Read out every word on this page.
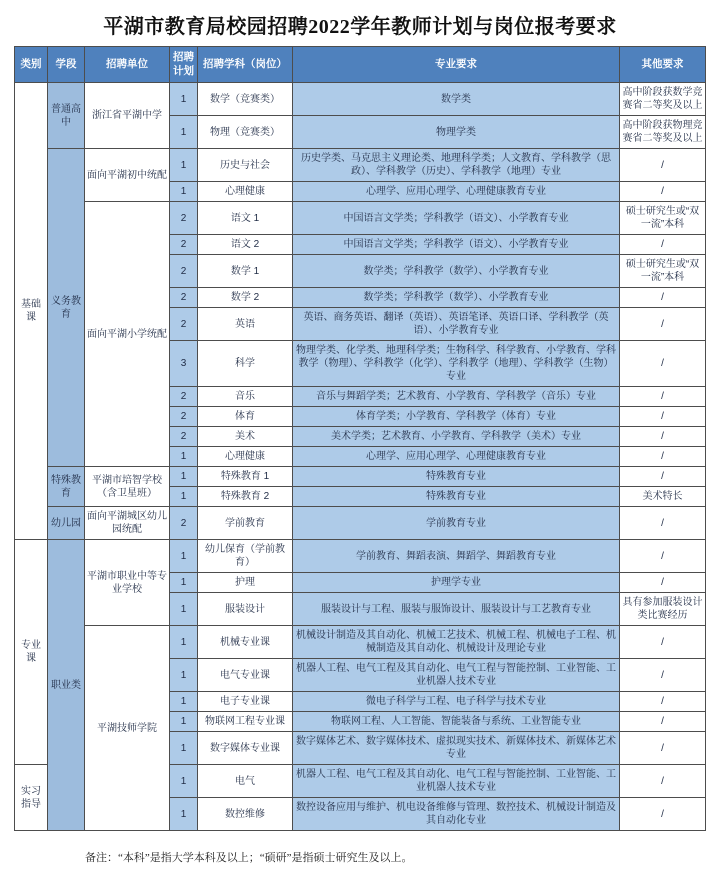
平湖市教育局校园招聘2022学年教师计划与岗位报考要求
类别	学段	招聘单位	招聘计划	招聘学科（岗位）	专业要求	其他要求
基础课	普通高中	浙江省平湖中学	1	数学（竞赛类）	数学类	高中阶段获数学竞赛省二等奖及以上
			1	物理（竞赛类）	物理学类	高中阶段获物理竞赛省二等奖及以上
	义务教育	面向平湖初中统配	1	历史与社会	历史学类、马克思主义理论类、地理科学类；人文教育、学科教学（思政）、学科教学（历史）、学科教学（地理）专业	/
			1	心理健康	心理学、应用心理学、心理健康教育专业	/
		面向平湖小学统配	2	语文 1	中国语言文学类；学科教学（语文）、小学教育专业	硕士研究生或“双一流”本科
			2	语文 2	中国语言文学类；学科教学（语文）、小学教育专业	/
			2	数学 1	数学类；学科教学（数学）、小学教育专业	硕士研究生或“双一流”本科
			2	数学 2	数学类；学科教学（数学）、小学教育专业	/
			2	英语	英语、商务英语、翻译（英语）、英语笔译、英语口译、学科教学（英语）、小学教育专业	/
			3	科学	物理学类、化学类、地理科学类；生物科学、科学教育、小学教育、学科教学（物理）、学科教学（化学）、学科教学（地理）、学科教学（生物）专业	/
			2	音乐	音乐与舞蹈学类；艺术教育、小学教育、学科教学（音乐）专业	/
			2	体育	体育学类；小学教育、学科教学（体育）专业	/
			2	美术	美术学类；艺术教育、小学教育、学科教学（美术）专业	/
			1	心理健康	心理学、应用心理学、心理健康教育专业	/
	特殊教育	平湖市培智学校（含卫星班）	1	特殊教育 1	特殊教育专业	/
			1	特殊教育 2	特殊教育专业	美术特长
	幼儿园	面向平湖城区幼儿园统配	2	学前教育	学前教育专业	/
专业课	职业类	平湖市职业中等专业学校	1	幼儿保育（学前教育）	学前教育、舞蹈表演、舞蹈学、舞蹈教育专业	/
			1	护理	护理学专业	/
			1	服装设计	服装设计与工程、服装与服饰设计、服装设计与工艺教育专业	具有参加服装设计类比赛经历
		平湖技师学院	1	机械专业课	机械设计制造及其自动化、机械工艺技术、机械工程、机械电子工程、机械制造及其自动化、机械设计及理论专业	/
			1	电气专业课	机器人工程、电气工程及其自动化、电气工程与智能控制、工业智能、工业机器人技术专业	/
			1	电子专业课	微电子科学与工程、电子科学与技术专业	/
			1	物联网工程专业课	物联网工程、人工智能、智能装备与系统、工业智能专业	/
			1	数字媒体专业课	数字媒体艺术、数字媒体技术、虚拟现实技术、新媒体技术、新媒体艺术专业	/
实习指导			1	电气	机器人工程、电气工程及其自动化、电气工程与智能控制、工业智能、工业机器人技术专业	/
			1	数控维修	数控设备应用与维护、机电设备维修与管理、数控技术、机械设计制造及其自动化专业	/
备注：“本科”是指大学本科及以上；“硕研”是指硕士研究生及以上。
